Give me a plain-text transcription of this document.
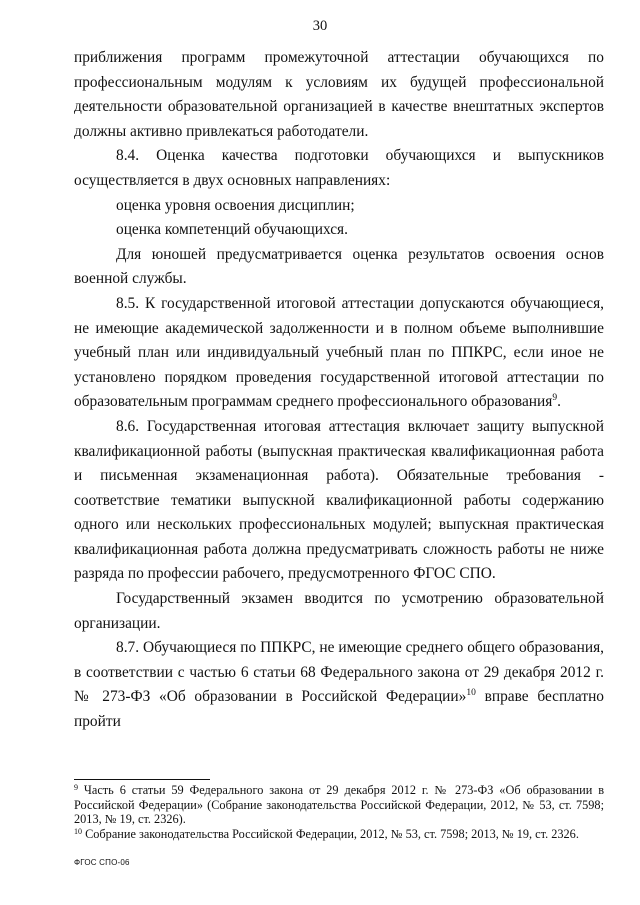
30

приближения программ промежуточной аттестации обучающихся по профессиональным модулям к условиям их будущей профессиональной деятельности образовательной организацией в качестве внештатных экспертов должны активно привлекаться работодатели.

8.4. Оценка качества подготовки обучающихся и выпускников осуществляется в двух основных направлениях:

оценка уровня освоения дисциплин;

оценка компетенций обучающихся.

Для юношей предусматривается оценка результатов освоения основ военной службы.

8.5. К государственной итоговой аттестации допускаются обучающиеся, не имеющие академической задолженности и в полном объеме выполнившие учебный план или индивидуальный учебный план по ППКРС, если иное не установлено порядком проведения государственной итоговой аттестации по образовательным программам среднего профессионального образования$^9$.

8.6. Государственная итоговая аттестация включает защиту выпускной квалификационной работы (выпускная практическая квалификационная работа и письменная экзаменационная работа). Обязательные требования - соответствие тематики выпускной квалификационной работы содержанию одного или нескольких профессиональных модулей; выпускная практическая квалификационная работа должна предусматривать сложность работы не ниже разряда по профессии рабочего, предусмотренного ФГОС СПО.

Государственный экзамен вводится по усмотрению образовательной организации.

8.7. Обучающиеся по ППКРС, не имеющие среднего общего образования, в соответствии с частью 6 статьи 68 Федерального закона от 29 декабря 2012 г. № 273-ФЗ «Об образовании в Российской Федерации»$^{10}$ вправе бесплатно пройти

$^9$ Часть 6 статьи 59 Федерального закона от 29 декабря 2012 г. № 273-ФЗ «Об образовании в Российской Федерации» (Собрание законодательства Российской Федерации, 2012, № 53, ст. 7598; 2013, № 19, ст. 2326).

$^{10}$ Собрание законодательства Российской Федерации, 2012, № 53, ст. 7598; 2013, № 19, ст. 2326.

ФГОС СПО-06
